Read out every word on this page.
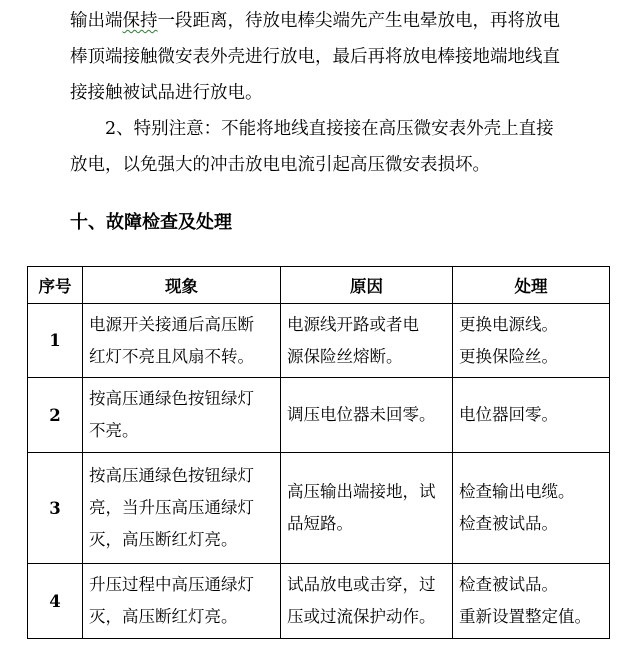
输出端保持一段距离，待放电棒尖端先产生电晕放电，再将放电
棒顶端接触微安表外壳进行放电，最后再将放电棒接地端地线直
接接触被试品进行放电。
　　2、特别注意：不能将地线直接接在高压微安表外壳上直接
放电，以免强大的冲击放电电流引起高压微安表损坏。
十、故障检查及处理
序号	现象	原因	处理
1	电源开关接通后高压断
红灯不亮且风扇不转。	电源线开路或者电
源保险丝熔断。	更换电源线。
更换保险丝。

2	按高压通绿色按钮绿灯
不亮。	调压电位器未回零。	电位器回零。

3	按高压通绿色按钮绿灯
亮，当升压高压通绿灯
灭，高压断红灯亮。	高压输出端接地，试
品短路。	检查输出电缆。
检查被试品。

4	升压过程中高压通绿灯
灭，高压断红灯亮。	试品放电或击穿，过
压或过流保护动作。	检查被试品。
重新设置整定值。
